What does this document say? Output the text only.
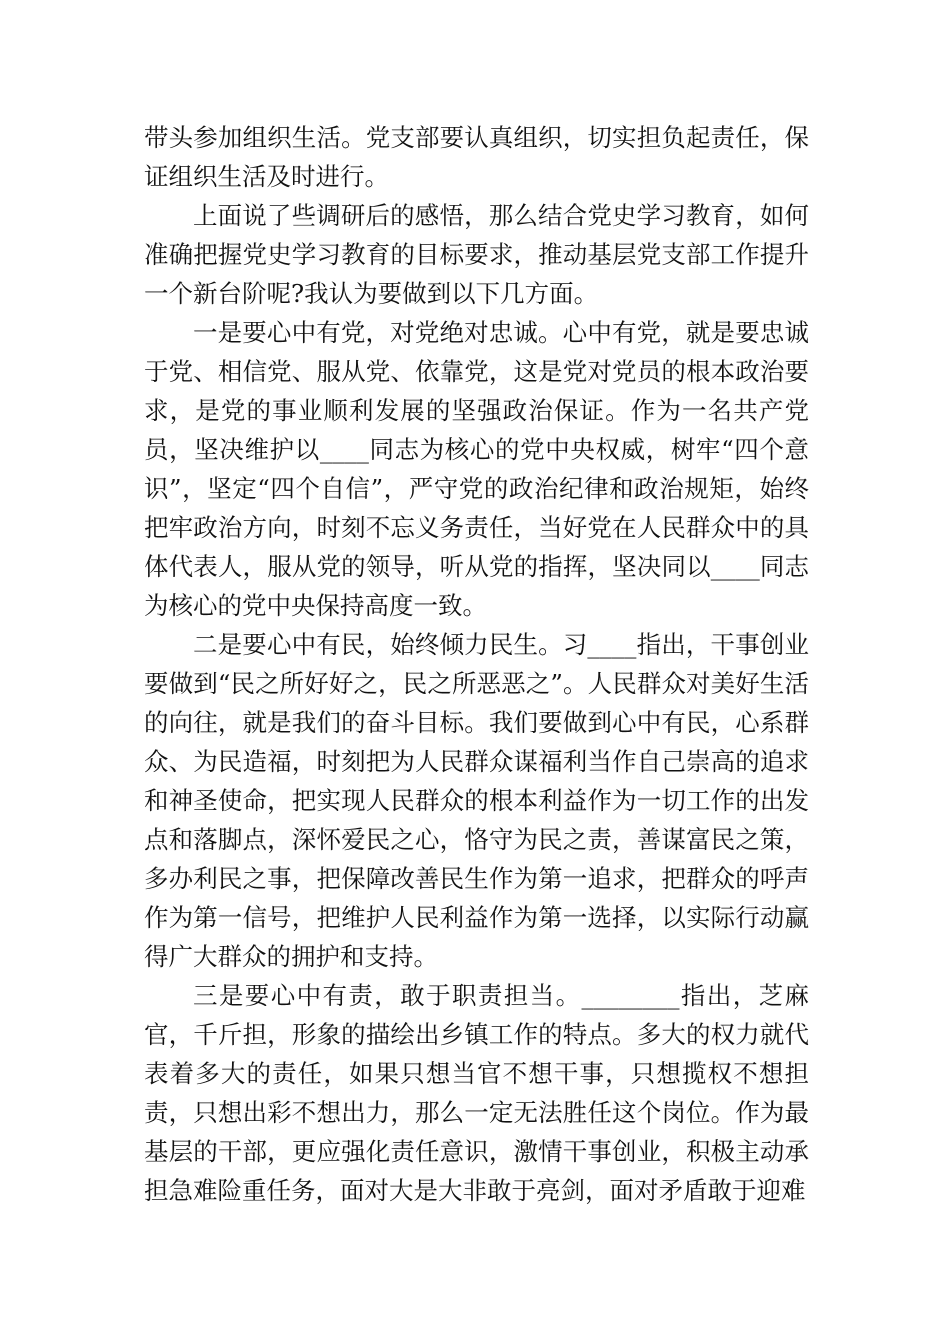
带头参加组织生活。党支部要认真组织，切实担负起责任，保证组织生活及时进行。

上面说了些调研后的感悟，那么结合党史学习教育，如何准确把握党史学习教育的目标要求，推动基层党支部工作提升一个新台阶呢?我认为要做到以下几方面。

一是要心中有党，对党绝对忠诚。心中有党，就是要忠诚于党、相信党、服从党、依靠党，这是党对党员的根本政治要求，是党的事业顺利发展的坚强政治保证。作为一名共产党员，坚决维护以____同志为核心的党中央权威，树牢“四个意识”，坚定“四个自信”，严守党的政治纪律和政治规矩，始终把牢政治方向，时刻不忘义务责任，当好党在人民群众中的具体代表人，服从党的领导，听从党的指挥，坚决同以____同志为核心的党中央保持高度一致。

二是要心中有民，始终倾力民生。习____指出，干事创业要做到“民之所好好之，民之所恶恶之”。人民群众对美好生活的向往，就是我们的奋斗目标。我们要做到心中有民，心系群众、为民造福，时刻把为人民群众谋福利当作自己崇高的追求和神圣使命，把实现人民群众的根本利益作为一切工作的出发点和落脚点，深怀爱民之心，恪守为民之责，善谋富民之策，多办利民之事，把保障改善民生作为第一追求，把群众的呼声作为第一信号，把维护人民利益作为第一选择，以实际行动赢得广大群众的拥护和支持。

三是要心中有责，敢于职责担当。________指出，芝麻官，千斤担，形象的描绘出乡镇工作的特点。多大的权力就代表着多大的责任，如果只想当官不想干事，只想揽权不想担责，只想出彩不想出力，那么一定无法胜任这个岗位。作为最基层的干部，更应强化责任意识，激情干事创业，积极主动承担急难险重任务，面对大是大非敢于亮剑，面对矛盾敢于迎难
